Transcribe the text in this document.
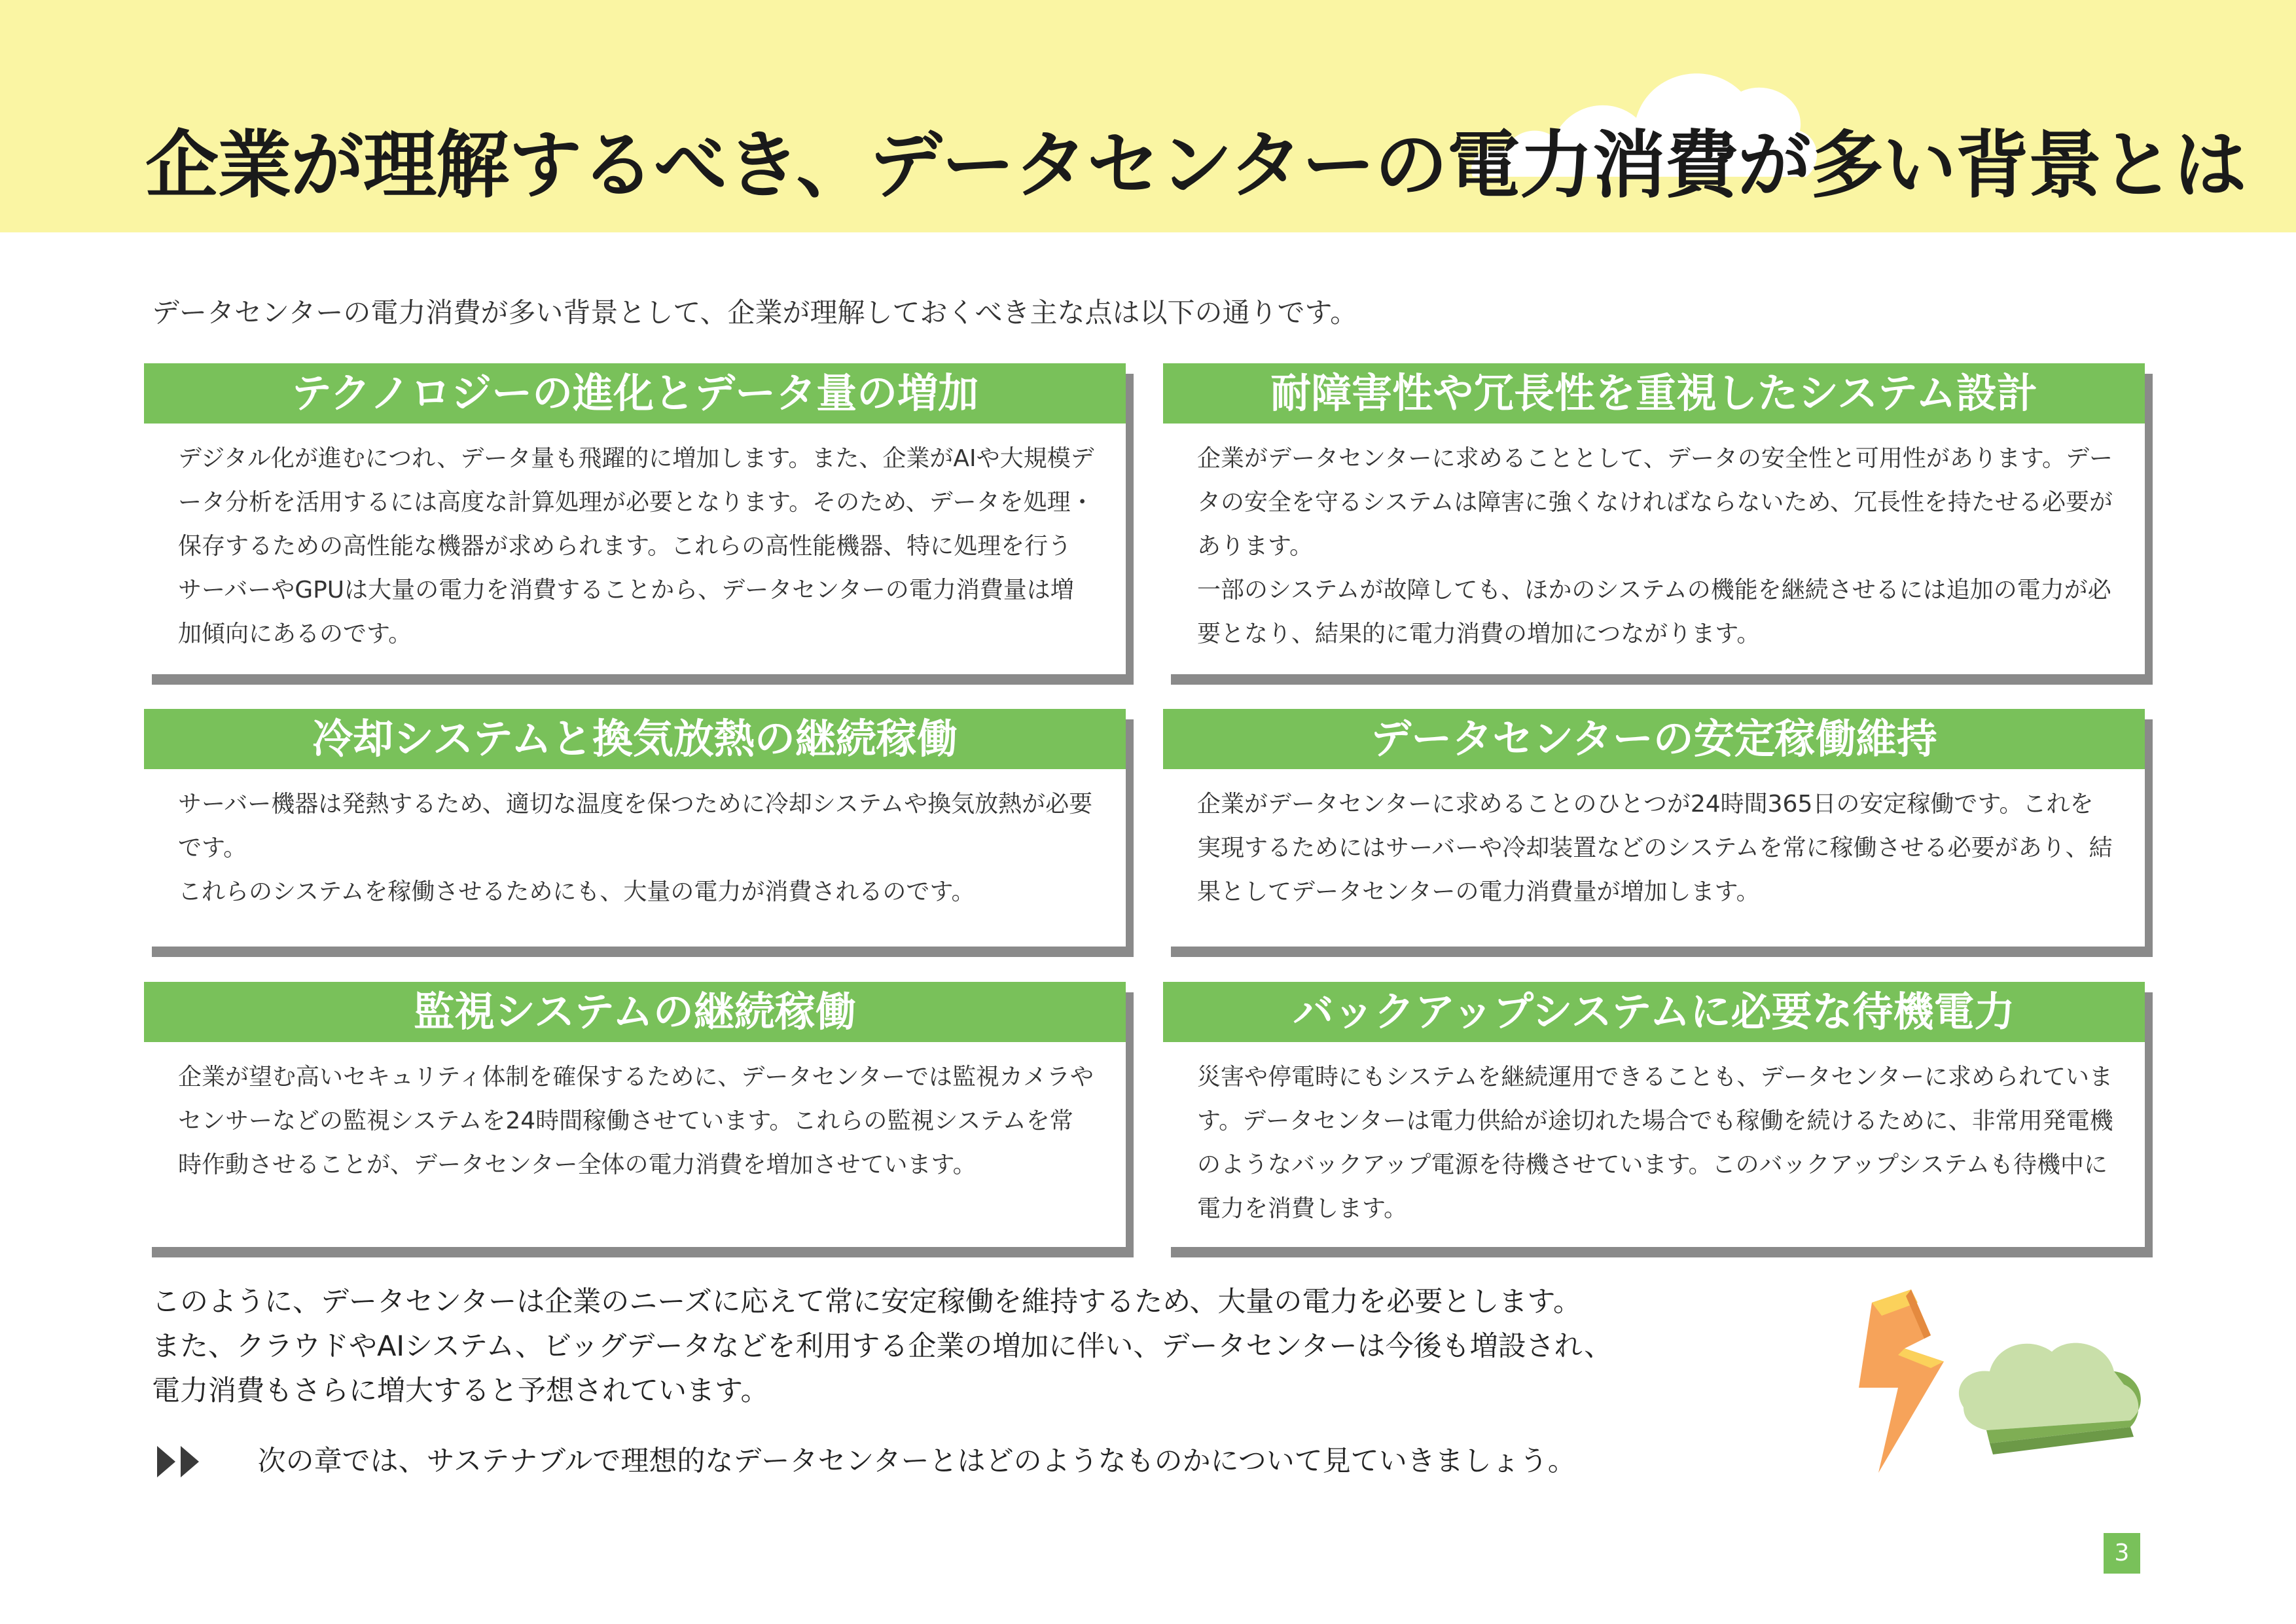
企業が理解するべき、データセンターの電力消費が多い背景とは
データセンターの電力消費が多い背景として、企業が理解しておくべき主な点は以下の通りです。
テクノロジーの進化とデータ量の増加

デジタル化が進むにつれ、データ量も飛躍的に増加します。また、企業がAIや大規模データ分析を活用するには高度な計算処理が必要となります。そのため、データを処理・保存するための高性能な機器が求められます。これらの高性能機器、特に処理を行うサーバーやGPUは大量の電力を消費することから、データセンターの電力消費量は増加傾向にあるのです。

耐障害性や冗長性を重視したシステム設計

企業がデータセンターに求めることとして、データの安全性と可用性があります。データの安全を守るシステムは障害に強くなければならないため、冗長性を持たせる必要があります。

一部のシステムが故障しても、ほかのシステムの機能を継続させるには追加の電力が必要となり、結果的に電力消費の増加につながります。

冷却システムと換気放熱の継続稼働

サーバー機器は発熱するため、適切な温度を保つために冷却システムや換気放熱が必要です。

これらのシステムを稼働させるためにも、大量の電力が消費されるのです。

データセンターの安定稼働維持

企業がデータセンターに求めることのひとつが24時間365日の安定稼働です。これを実現するためにはサーバーや冷却装置などのシステムを常に稼働させる必要があり、結果としてデータセンターの電力消費量が増加します。

監視システムの継続稼働

企業が望む高いセキュリティ体制を確保するために、データセンターでは監視カメラやセンサーなどの監視システムを24時間稼働させています。これらの監視システムを常時作動させることが、データセンター全体の電力消費を増加させています。

バックアップシステムに必要な待機電力

災害や停電時にもシステムを継続運用できることも、データセンターに求められています。データセンターは電力供給が途切れた場合でも稼働を続けるために、非常用発電機のようなバックアップ電源を待機させています。このバックアップシステムも待機中に電力を消費します。

このように、データセンターは企業のニーズに応えて常に安定稼働を維持するため、大量の電力を必要とします。

また、クラウドやAIシステム、ビッグデータなどを利用する企業の増加に伴い、データセンターは今後も増設され、

電力消費もさらに増大すると予想されています。

次の章では、サステナブルで理想的なデータセンターとはどのようなものかについて見ていきましょう。
3
